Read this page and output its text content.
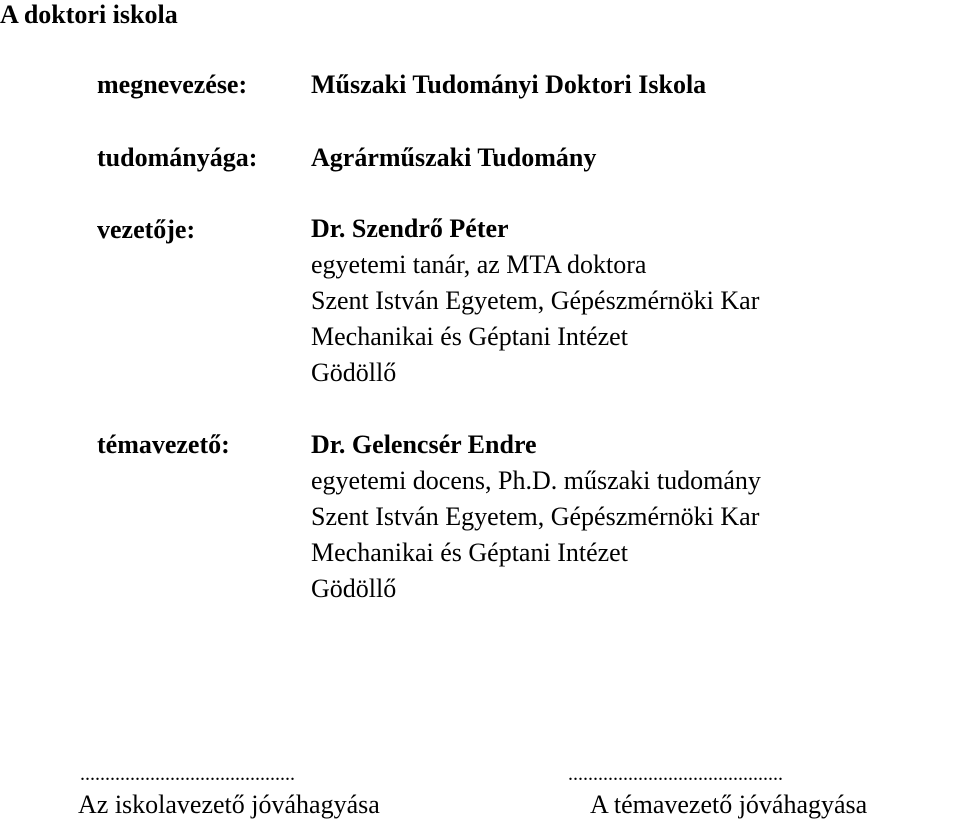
A doktori iskola
megnevezése: Műszaki Tudományi Doktori Iskola
tudományága: Agrárműszaki Tudomány
vezetője:	Dr. Szendrő Péter
egyetemi tanár, az MTA doktora
Szent István Egyetem, Gépészmérnöki Kar
Mechanikai és Géptani Intézet
Gödöllő
témavezető:	Dr. Gelencsér Endre
egyetemi docens, Ph.D. műszaki tudomány
Szent István Egyetem, Gépészmérnöki Kar
Mechanikai és Géptani Intézet
Gödöllő
...........................................
Az iskolavezető jóváhagyása
...........................................
A témavezető jóváhagyása
